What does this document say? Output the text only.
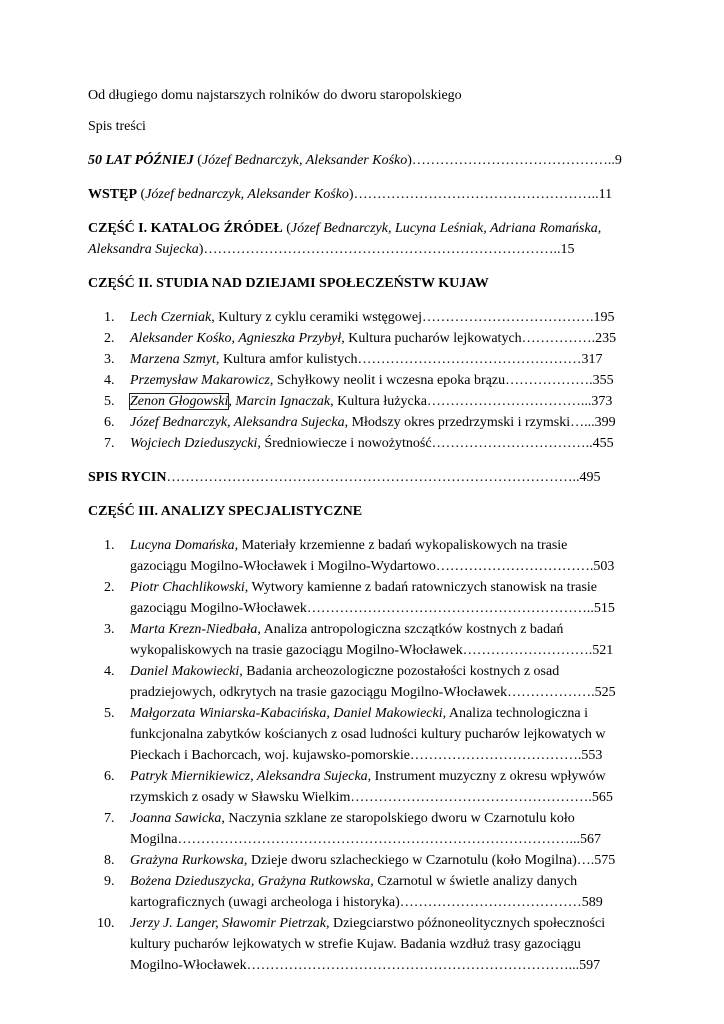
Od długiego domu najstarszych rolników do dworu staropolskiego

Spis treści

50 LAT PÓŹNIEJ (Józef Bednarczyk, Aleksander Kośko)……………………………………..9

WSTĘP (Józef bednarczyk, Aleksander Kośko)……………………………………………..11

CZĘŚĆ I. KATALOG ŹRÓDEŁ (Józef Bednarczyk, Lucyna Leśniak, Adriana Romańska,

Aleksandra Sujecka)…………………………………………………………………..15

CZĘŚĆ II. STUDIA NAD DZIEJAMI SPOŁECZEŃSTW KUJAW

1. Lech Czerniak, Kultury z cyklu ceramiki wstęgowej……………………………….195
2. Aleksander Kośko, Agnieszka Przybył, Kultura pucharów lejkowatych…………….235
3. Marzena Szmyt, Kultura amfor kulistych…………………………………………317
4. Przemysław Makarowicz, Schyłkowy neolit i wczesna epoka brązu……………….355
5. Zenon Głogowski, Marcin Ignaczak, Kultura łużycka……………………………...373
6. Józef Bednarczyk, Aleksandra Sujecka, Młodszy okres przedrzymski i rzymski…...399
7. Wojciech Dzieduszycki, Średniowiecze i nowożytność……………………………..455

SPIS RYCIN……………………………………………………………………………..495

CZĘŚĆ III. ANALIZY SPECJALISTYCZNE

1. Lucyna Domańska, Materiały krzemienne z badań wykopaliskowych na trasie
gazociągu Mogilno-Włocławek i Mogilno-Wydartowo…………………………….503
2. Piotr Chachlikowski, Wytwory kamienne z badań ratowniczych stanowisk na trasie
gazociągu Mogilno-Włocławek……………………………………………………..515
3. Marta Krezn-Niedbała, Analiza antropologiczna szczątków kostnych z badań
wykopaliskowych na trasie gazociągu Mogilno-Włocławek……………………….521
4. Daniel Makowiecki, Badania archeozologiczne pozostałości kostnych z osad
pradziejowych, odkrytych na trasie gazociągu Mogilno-Włocławek……………….525
5. Małgorzata Winiarska-Kabacińska, Daniel Makowiecki, Analiza technologiczna i
funkcjonalna zabytków kościanych z osad ludności kultury pucharów lejkowatych w
Pieckach i Bachorcach, woj. kujawsko-pomorskie……………………………….553
6. Patryk Miernikiewicz, Aleksandra Sujecka, Instrument muzyczny z okresu wpływów
rzymskich z osady w Sławsku Wielkim…………………………………………….565
7. Joanna Sawicka, Naczynia szklane ze staropolskiego dworu w Czarnotulu koło
Mogilna…………………………………………………………………………...567
8. Grażyna Rurkowska, Dzieje dworu szlacheckiego w Czarnotulu (koło Mogilna)….575
9. Bożena Dzieduszycka, Grażyna Rutkowska, Czarnotul w świetle analizy danych
kartograficznych (uwagi archeologa i historyka)…………………………………589
10. Jerzy J. Langer, Sławomir Pietrzak, Dziegciarstwo późnoneolitycznych społeczności
kultury pucharów lejkowatych w strefie Kujaw. Badania wzdłuż trasy gazociągu
Mogilno-Włocławek……………………………………………………………...597
